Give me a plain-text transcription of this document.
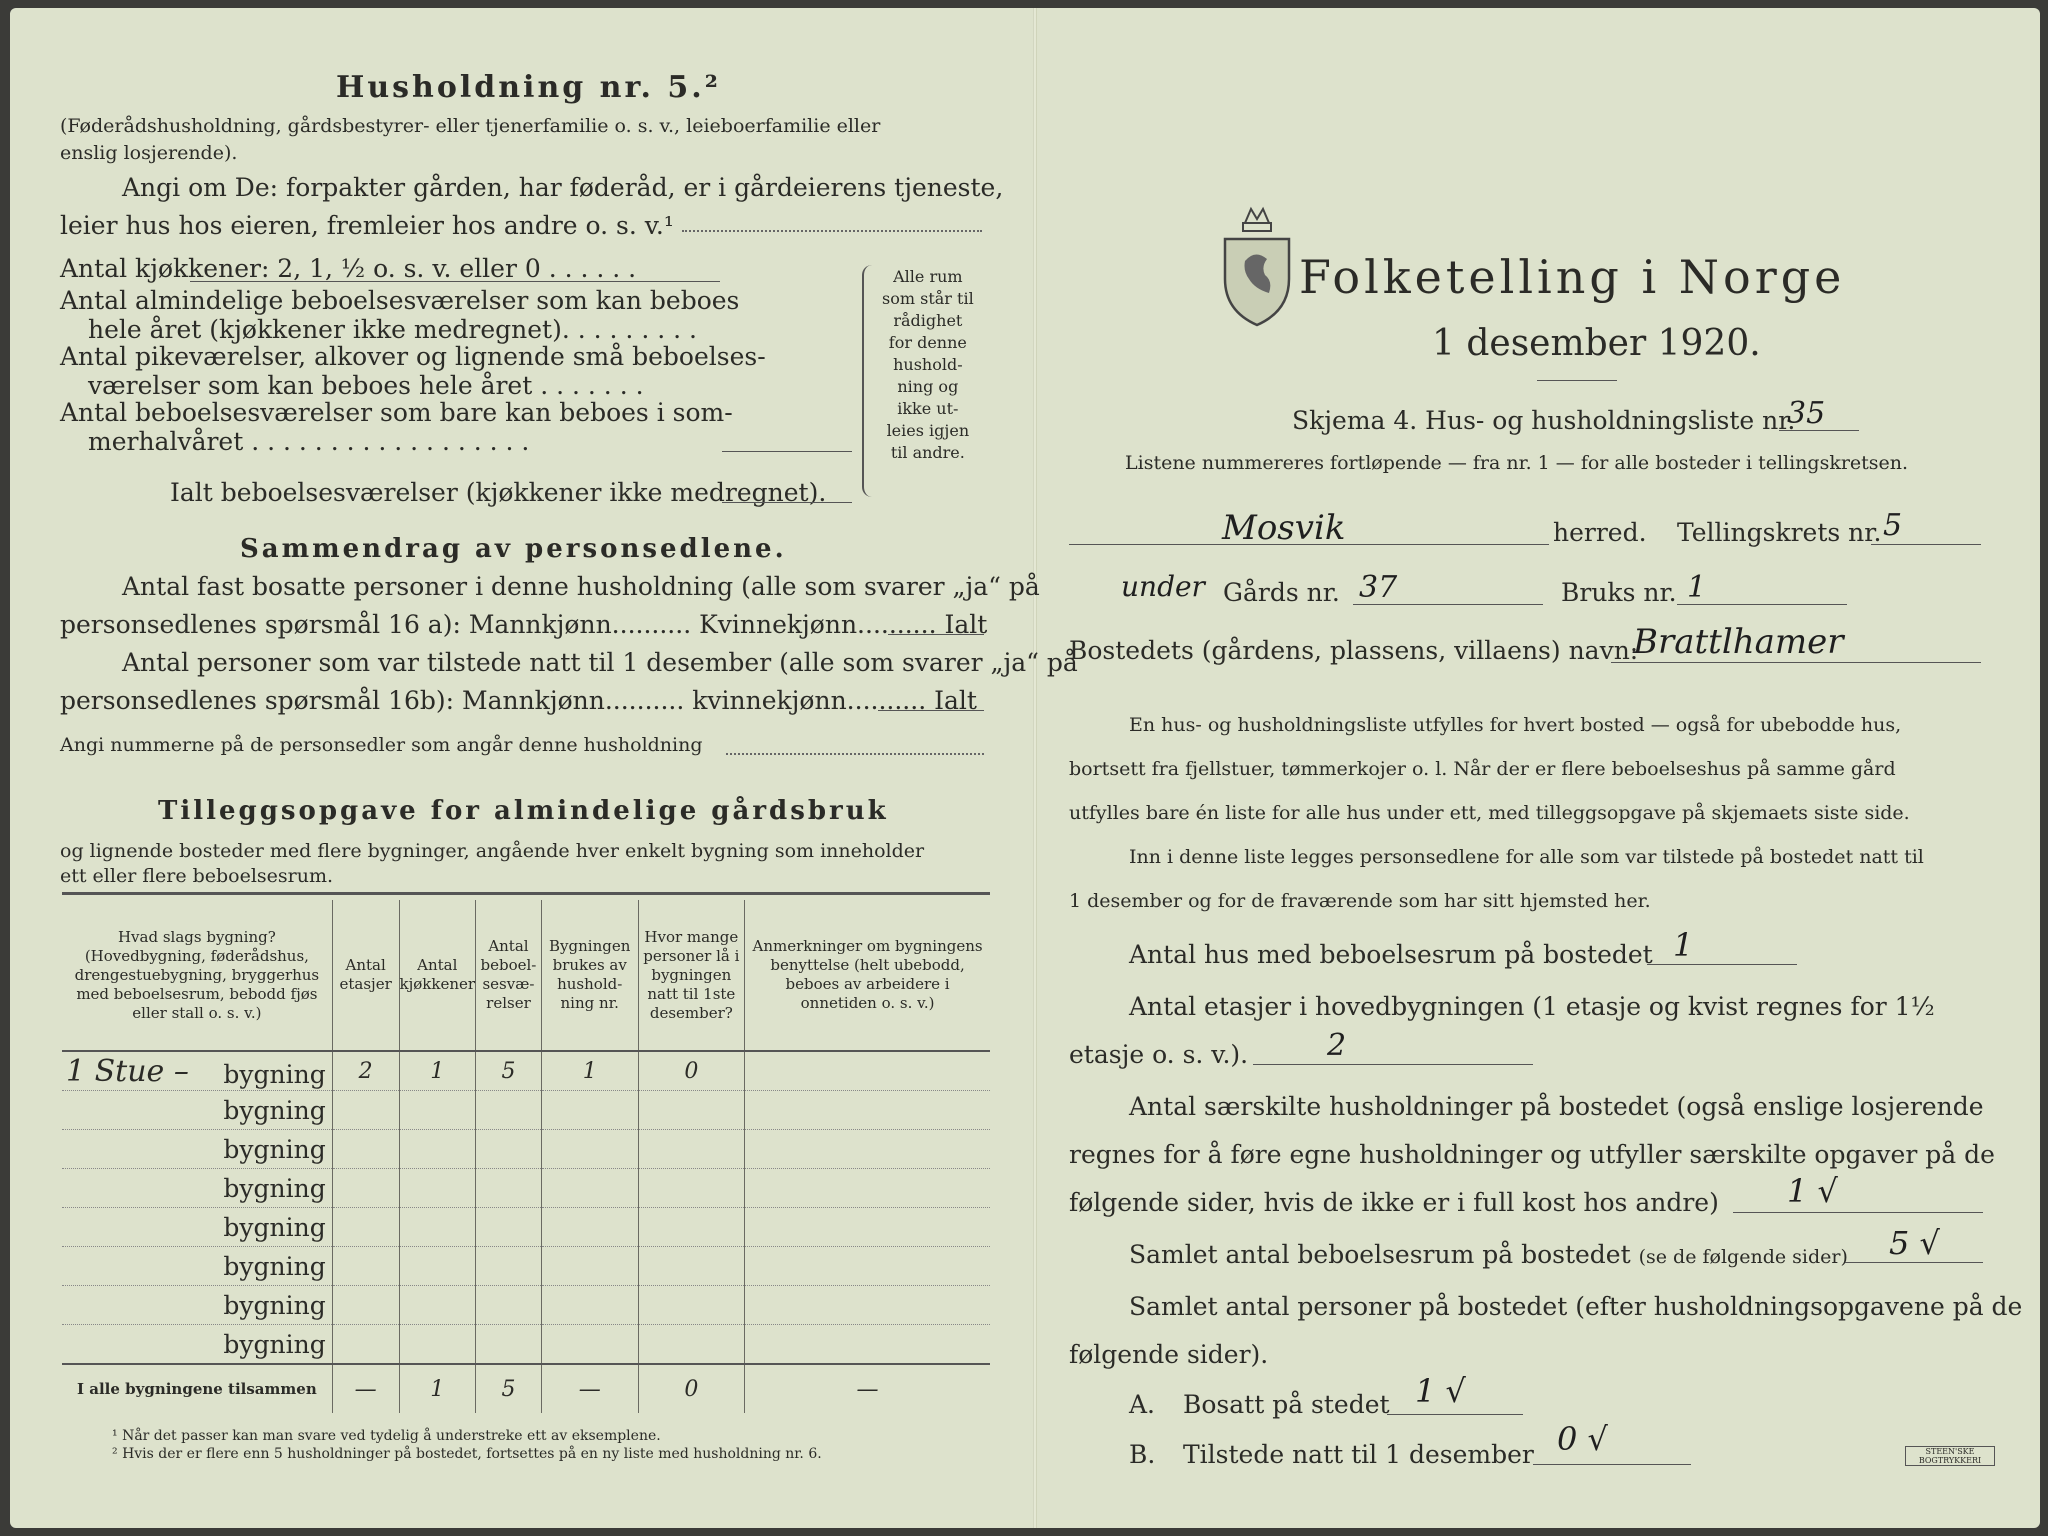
Husholdning nr. 5.²
(Føderådshusholdning, gårdsbestyrer- eller tjenerfamilie o. s. v., leieboerfamilie eller
enslig losjerende).
Angi om De: forpakter gården, har føderåd, er i gårdeierens tjeneste,
leier hus hos eieren, fremleier hos andre o. s. v.¹
Antal kjøkkener: 2, 1, ½ o. s. v. eller 0 . . . . . .
Antal almindelige beboelsesværelser som kan beboes
hele året (kjøkkener ikke medregnet). . . . . . . . .
Antal pikeværelser, alkover og lignende små beboelses-
værelser som kan beboes hele året . . . . . . .
Antal beboelsesværelser som bare kan beboes i som-
merhalvåret . . . . . . . . . . . . . . . . . .
Ialt beboelsesværelser (kjøkkener ikke medregnet).
Alle rum
som står til
rådighet
for denne
hushold-
ning og
ikke ut-
leies igjen
til andre.
Sammendrag av personsedlene.
Antal fast bosatte personer i denne husholdning (alle som svarer „ja“ på
personsedlenes spørsmål 16 a): Mannkjønn.......... Kvinnekjønn.......... Ialt
Antal personer som var tilstede natt til 1 desember (alle som svarer „ja“ på
personsedlenes spørsmål 16b): Mannkjønn.......... kvinnekjønn.......... Ialt
Angi nummerne på de personsedler som angår denne husholdning
Tilleggsopgave for almindelige gårdsbruk
og lignende bosteder med flere bygninger, angående hver enkelt bygning som inneholder
ett eller flere beboelsesrum.
Hvad slags bygning? (Hovedbygning, føderådshus, drengestuebygning, bryggerhus med beboelsesrum, bebodd fjøs eller stall o. s. v.)	Antal etasjer	Antal kjøkkener	Antal beboel-sesvæ-relser	Bygningen brukes av hushold-ning nr.	Hvor mange personer lå i bygningen natt til 1ste desember?	Anmerkninger om bygningens benyttelse (helt ubebodd, beboes av arbeidere i onnetiden o. s. v.)

1 Stue – bygning	2	1	5	1	0	

bygning						

bygning						

bygning						

bygning						

bygning						

bygning						

bygning						

I alle bygningene tilsammen	—	1	5	—	0	—
¹ Når det passer kan man svare ved tydelig å understreke ett av eksemplene.
² Hvis der er flere enn 5 husholdninger på bostedet, fortsettes på en ny liste med husholdning nr. 6.
Folketelling i Norge
1 desember 1920.
Skjema 4. Hus- og husholdningsliste nr.
35
Listene nummereres fortløpende — fra nr. 1 — for alle bosteder i tellingskretsen.
Mosvik	herred. Tellingskrets nr. 5
under Gårds nr. 37	Bruks nr. 1
Bostedets (gårdens, plassens, villaens) navn:
Brattlhamer
En hus- og husholdningsliste utfylles for hvert bosted — også for ubebodde hus,
bortsett fra fjellstuer, tømmerkojer o. l. Når der er flere beboelseshus på samme gård
utfylles bare én liste for alle hus under ett, med tilleggsopgave på skjemaets siste side.
Inn i denne liste legges personsedlene for alle som var tilstede på bostedet natt til
1 desember og for de fraværende som har sitt hjemsted her.
Antal hus med beboelsesrum på bostedet 1
Antal etasjer i hovedbygningen (1 etasje og kvist regnes for 1½
etasje o. s. v.).	2
Antal særskilte husholdninger på bostedet (også enslige losjerende
regnes for å føre egne husholdninger og utfyller særskilte opgaver på de
følgende sider, hvis de ikke er i full kost hos andre) 1 √
Samlet antal beboelsesrum på bostedet (se de følgende sider) 5 √
Samlet antal personer på bostedet (efter husholdningsopgavene på de
følgende sider).
A. Bosatt på stedet 1 √
B. Tilstede natt til 1 desember 0 √	STEEN'SKE BOGTRYKKERI
